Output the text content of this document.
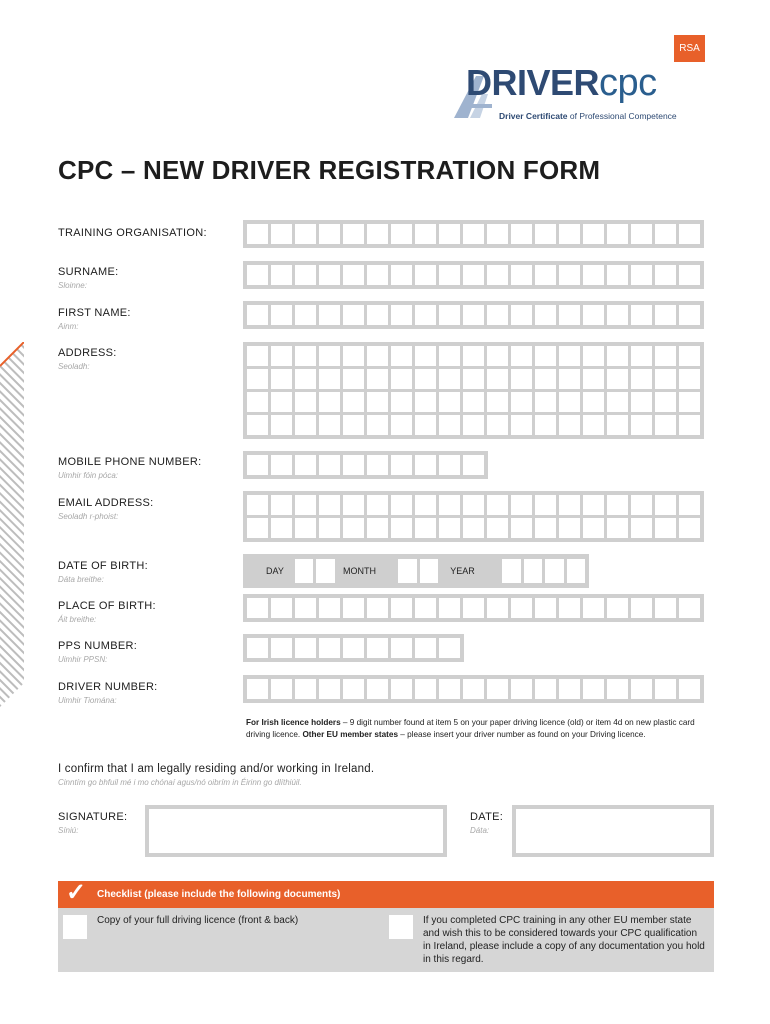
RSA
DRIVERcpc
Driver Certificate of Professional Competence
CPC – NEW DRIVER REGISTRATION FORM
TRAINING ORGANISATION:
SURNAME:
Sloinne:
FIRST NAME:
Ainm:
ADDRESS:
Seoladh:
MOBILE PHONE NUMBER:
Uimhir fóin póca:
EMAIL ADDRESS:
Seoladh r-phoist:
DATE OF BIRTH:
Dáta breithe:
DAY	MONTH	YEAR
PLACE OF BIRTH:
Áit breithe:
PPS NUMBER:
Uimhir PPSN:
DRIVER NUMBER:
Uimhir Tiomána:
For Irish licence holders – 9 digit number found at item 5 on your paper driving licence (old) or item 4d on new plastic card driving licence. Other EU member states – please insert your driver number as found on your Driving licence.
I confirm that I am legally residing and/or working in Ireland.
Cinntím go bhfuil mé i mo chónaí agus/nó oibrím in Éirinn go dlíthiúil.
SIGNATURE:
Síniú:
DATE:
Dáta:
✓ Checklist (please include the following documents)
Copy of your full driving licence (front & back)	If you completed CPC training in any other EU member state and wish this to be considered towards your CPC qualification in Ireland, please include a copy of any documentation you hold in this regard.
